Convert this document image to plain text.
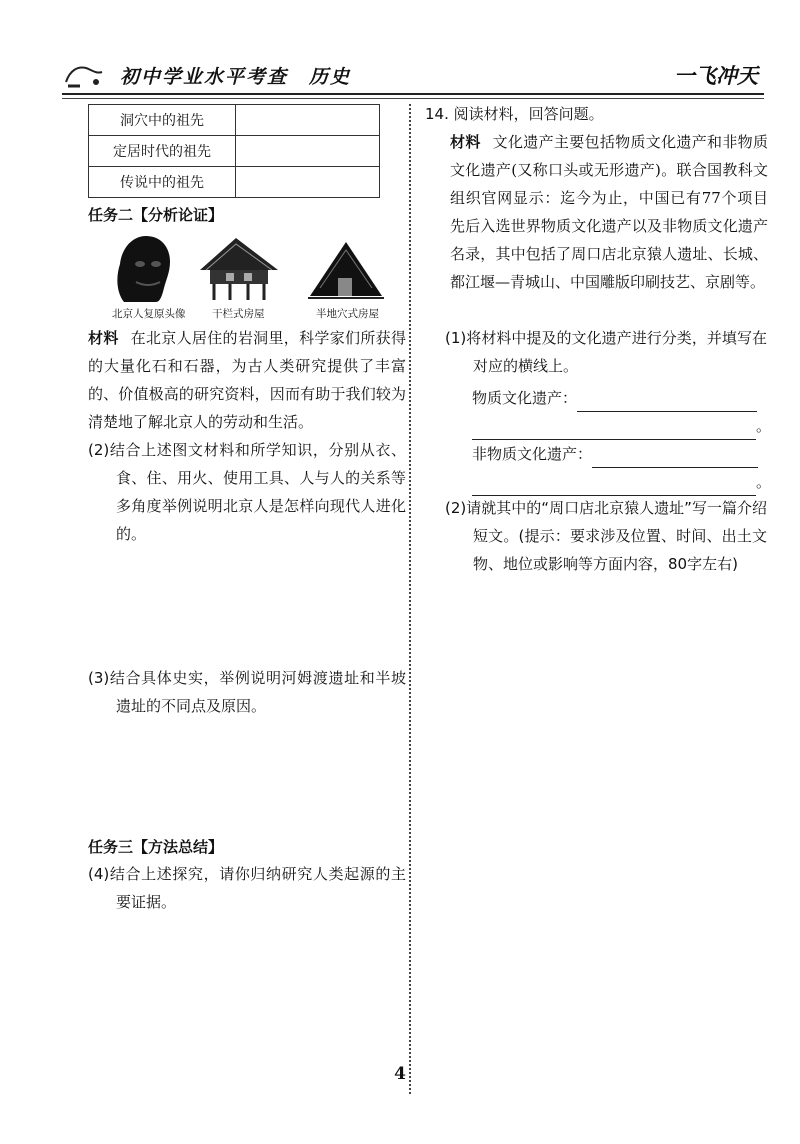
初中学业水平考查　历史	一飞冲天
洞穴中的祖先	
定居时代的祖先	
传说中的祖先	
任务二【分析论证】
北京人复原头像	干栏式房屋	半地穴式房屋
材料 在北京人居住的岩洞里，科学家们所获得的大量化石和石器，为古人类研究提供了丰富的、价值极高的研究资料，因而有助于我们较为清楚地了解北京人的劳动和生活。
(2)结合上述图文材料和所学知识，分别从衣、食、住、用火、使用工具、人与人的关系等多角度举例说明北京人是怎样向现代人进化的。
(3)结合具体史实，举例说明河姆渡遗址和半坡遗址的不同点及原因。
任务三【方法总结】
(4)结合上述探究，请你归纳研究人类起源的主要证据。
14. 阅读材料，回答问题。
材料 文化遗产主要包括物质文化遗产和非物质文化遗产(又称口头或无形遗产)。联合国教科文组织官网显示：迄今为止，中国已有77个项目先后入选世界物质文化遗产以及非物质文化遗产名录，其中包括了周口店北京猿人遗址、长城、都江堰—青城山、中国雕版印刷技艺、京剧等。
(1)将材料中提及的文化遗产进行分类，并填写在对应的横线上。
物质文化遗产：
。
非物质文化遗产：
。
(2)请就其中的“周口店北京猿人遗址”写一篇介绍短文。(提示：要求涉及位置、时间、出土文物、地位或影响等方面内容，80字左右)
4
